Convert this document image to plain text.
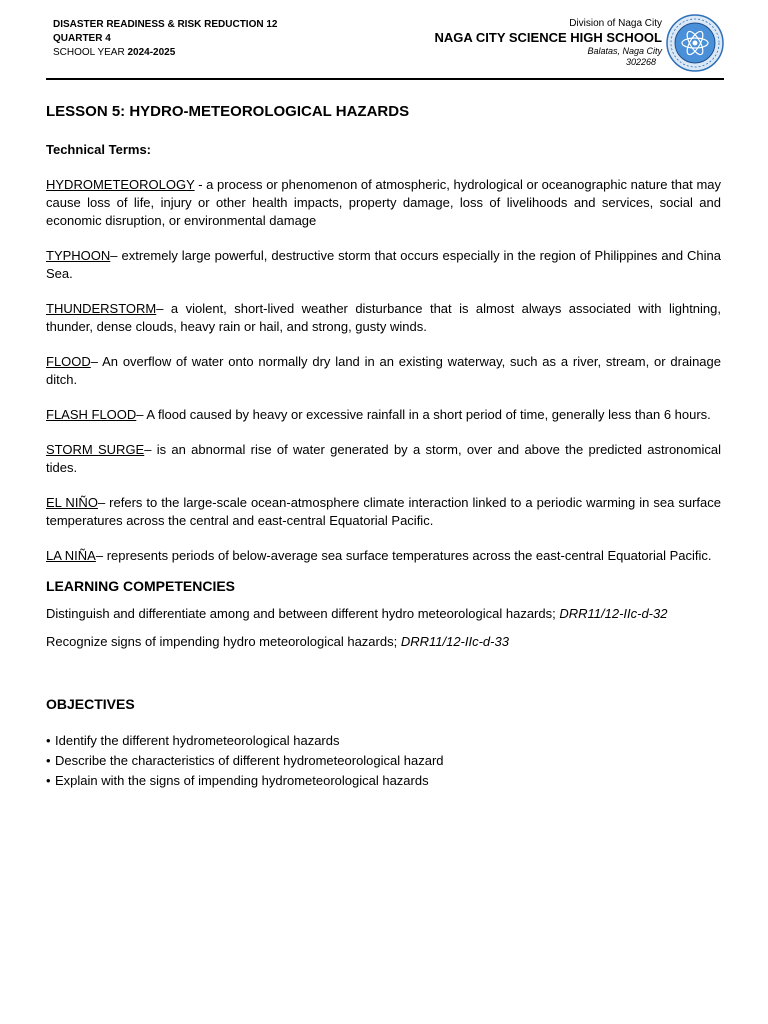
DISASTER READINESS & RISK REDUCTION 12
QUARTER 4
SCHOOL YEAR 2024-2025
Division of Naga City
NAGA CITY SCIENCE HIGH SCHOOL
Balatas, Naga City
302268
LESSON 5: HYDRO-METEOROLOGICAL HAZARDS
Technical Terms:

HYDROMETEOROLOGY - a process or phenomenon of atmospheric, hydrological or oceanographic nature that may cause loss of life, injury or other health impacts, property damage, loss of livelihoods and services, social and economic disruption, or environmental damage

TYPHOON– extremely large powerful, destructive storm that occurs especially in the region of Philippines and China Sea.

THUNDERSTORM– a violent, short-lived weather disturbance that is almost always associated with lightning, thunder, dense clouds, heavy rain or hail, and strong, gusty winds.

FLOOD– An overflow of water onto normally dry land in an existing waterway, such as a river, stream, or drainage ditch.

FLASH FLOOD– A flood caused by heavy or excessive rainfall in a short period of time, generally less than 6 hours.

STORM SURGE– is an abnormal rise of water generated by a storm, over and above the predicted astronomical tides.

EL NIÑO– refers to the large-scale ocean-atmosphere climate interaction linked to a periodic warming in sea surface temperatures across the central and east-central Equatorial Pacific.

LA NIÑA– represents periods of below-average sea surface temperatures across the east-central Equatorial Pacific.

LEARNING COMPETENCIES

Distinguish and differentiate among and between different hydro meteorological hazards; DRR11/12-IIc-d-32

Recognize signs of impending hydro meteorological hazards; DRR11/12-IIc-d-33

OBJECTIVES
• Identify the different hydrometeorological hazards
• Describe the characteristics of different hydrometeorological hazard
• Explain with the signs of impending hydrometeorological hazards
